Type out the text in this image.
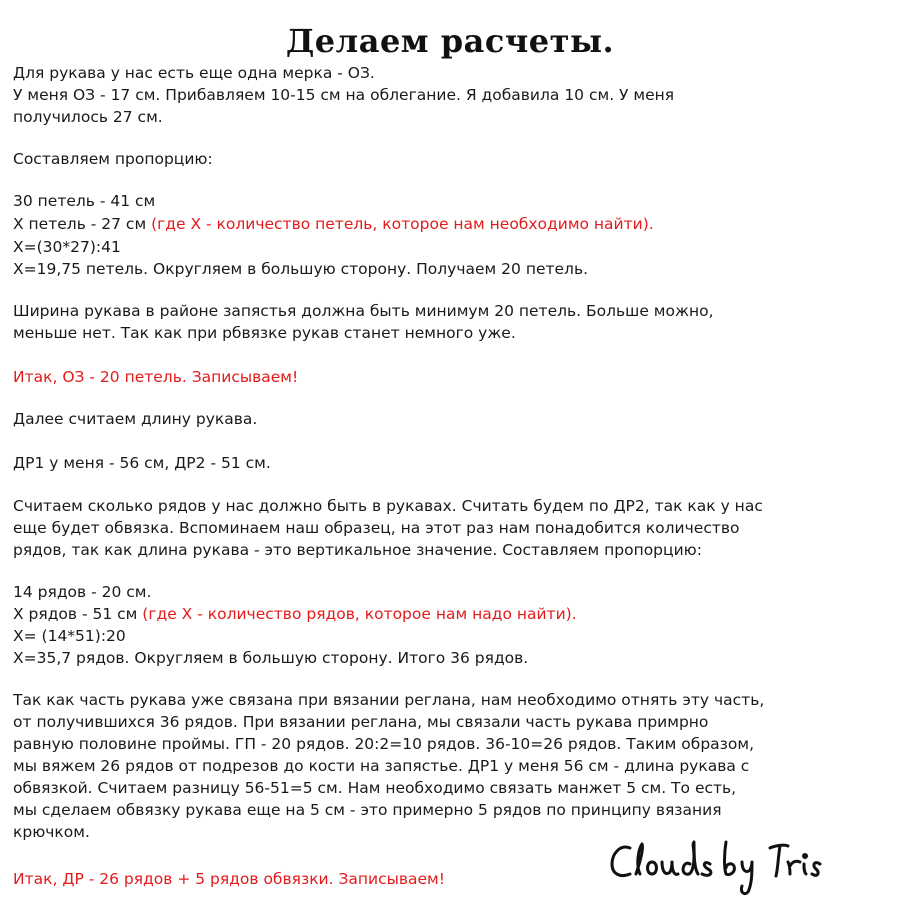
Делаем расчеты.
Для рукава у нас есть еще одна мерка - ОЗ.
У меня ОЗ - 17 см. Прибавляем 10-15 см на облегание. Я добавила 10 см. У меня
получилось 27 см.
Составляем пропорцию:
30 петель - 41 см
Х петель - 27 см (где Х - количество петель, которое нам необходимо найти).
Х=(30*27):41
Х=19,75 петель. Округляем в большую сторону. Получаем 20 петель.
Ширина рукава в районе запястья должна быть минимум 20 петель. Больше можно,
меньше нет. Так как при рбвязке рукав станет немного уже.
Итак, ОЗ - 20 петель. Записываем!
Далее считаем длину рукава.
ДР1 у меня - 56 см, ДР2 - 51 см.
Считаем сколько рядов у нас должно быть в рукавах. Считать будем по ДР2, так как у нас
еще будет обвязка. Вспоминаем наш образец, на этот раз нам понадобится количество
рядов, так как длина рукава - это вертикальное значение. Составляем пропорцию:
14 рядов - 20 см.
Х рядов - 51 см (где Х - количество рядов, которое нам надо найти).
Х= (14*51):20
Х=35,7 рядов. Округляем в большую сторону. Итого 36 рядов.
Так как часть рукава уже связана при вязании реглана, нам необходимо отнять эту часть,
от получившихся 36 рядов. При вязании реглана, мы связали часть рукава примрно
равную половине проймы. ГП - 20 рядов. 20:2=10 рядов. 36-10=26 рядов. Таким образом,
мы вяжем 26 рядов от подрезов до кости на запястье. ДР1 у меня 56 см - длина рукава с
обвязкой. Считаем разницу 56-51=5 см. Нам необходимо связать манжет 5 см. То есть,
мы сделаем обвязку рукава еще на 5 см - это примерно 5 рядов по принципу вязания
крючком.
Итак, ДР - 26 рядов + 5 рядов обвязки. Записываем!
